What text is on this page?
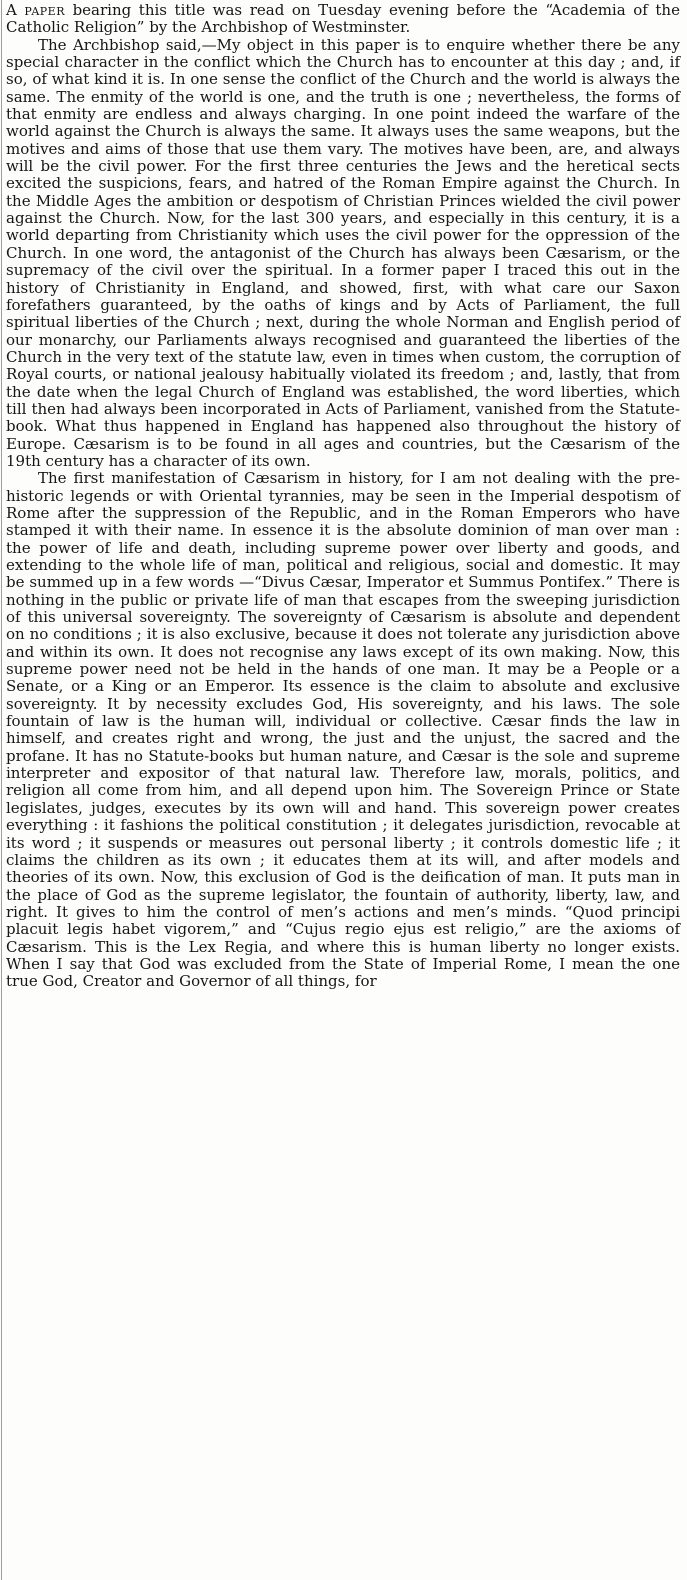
A paper bearing this title was read on Tuesday evening before the “Academia of the Catholic Religion” by the Archbishop of Westminster.

The Archbishop said,—My object in this paper is to enquire whether there be any special character in the conflict which the Church has to encounter at this day ; and, if so, of what kind it is. In one sense the conflict of the Church and the world is always the same. The enmity of the world is one, and the truth is one ; nevertheless, the forms of that enmity are endless and always charging. In one point indeed the warfare of the world against the Church is always the same. It always uses the same weapons, but the motives and aims of those that use them vary. The motives have been, are, and always will be the civil power. For the first three centuries the Jews and the heretical sects excited the suspicions, fears, and hatred of the Roman Empire against the Church. In the Middle Ages the ambition or despotism of Christian Princes wielded the civil power against the Church. Now, for the last 300 years, and especially in this century, it is a world departing from Christianity which uses the civil power for the oppression of the Church. In one word, the antagonist of the Church has always been Cæsarism, or the supremacy of the civil over the spiritual. In a former paper I traced this out in the history of Christianity in England, and showed, first, with what care our Saxon forefathers guaranteed, by the oaths of kings and by Acts of Parliament, the full spiritual liberties of the Church ; next, during the whole Norman and English period of our monarchy, our Parliaments always recognised and guaranteed the liberties of the Church in the very text of the statute law, even in times when custom, the corruption of Royal courts, or national jealousy habitually violated its freedom ; and, lastly, that from the date when the legal Church of England was established, the word liberties, which till then had always been incorporated in Acts of Parliament, vanished from the Statute-book. What thus happened in England has happened also throughout the history of Europe. Cæsarism is to be found in all ages and countries, but the Cæsarism of the 19th century has a character of its own.

The first manifestation of Cæsarism in history, for I am not dealing with the pre-historic legends or with Oriental tyrannies, may be seen in the Imperial despotism of Rome after the suppression of the Republic, and in the Roman Emperors who have stamped it with their name. In essence it is the absolute dominion of man over man : the power of life and death, including supreme power over liberty and goods, and extending to the whole life of man, political and religious, social and domestic. It may be summed up in a few words —“Divus Cæsar, Imperator et Summus Pontifex.” There is nothing in the public or private life of man that escapes from the sweeping jurisdiction of this universal sovereignty. The sovereignty of Cæsarism is absolute and dependent on no conditions ; it is also exclusive, because it does not tolerate any jurisdiction above and within its own. It does not recognise any laws except of its own making. Now, this supreme power need not be held in the hands of one man. It may be a People or a Senate, or a King or an Emperor. Its essence is the claim to absolute and exclusive sovereignty. It by necessity excludes God, His sovereignty, and his laws. The sole fountain of law is the human will, individual or collective. Cæsar finds the law in himself, and creates right and wrong, the just and the unjust, the sacred and the profane. It has no Statute-books but human nature, and Cæsar is the sole and supreme interpreter and expositor of that natural law. Therefore law, morals, politics, and religion all come from him, and all depend upon him. The Sovereign Prince or State legislates, judges, executes by its own will and hand. This sovereign power creates everything : it fashions the political constitution ; it delegates jurisdiction, revocable at its word ; it suspends or measures out personal liberty ; it controls domestic life ; it claims the children as its own ; it educates them at its will, and after models and theories of its own. Now, this exclusion of God is the deification of man. It puts man in the place of God as the supreme legislator, the fountain of authority, liberty, law, and right. It gives to him the control of men’s actions and men’s minds. “Quod principi placuit legis habet vigorem,” and “Cujus regio ejus est religio,” are the axioms of Cæsarism. This is the Lex Regia, and where this is human liberty no longer exists. When I say that God was excluded from the State of Imperial Rome, I mean the one true God, Creator and Governor of all things, for
